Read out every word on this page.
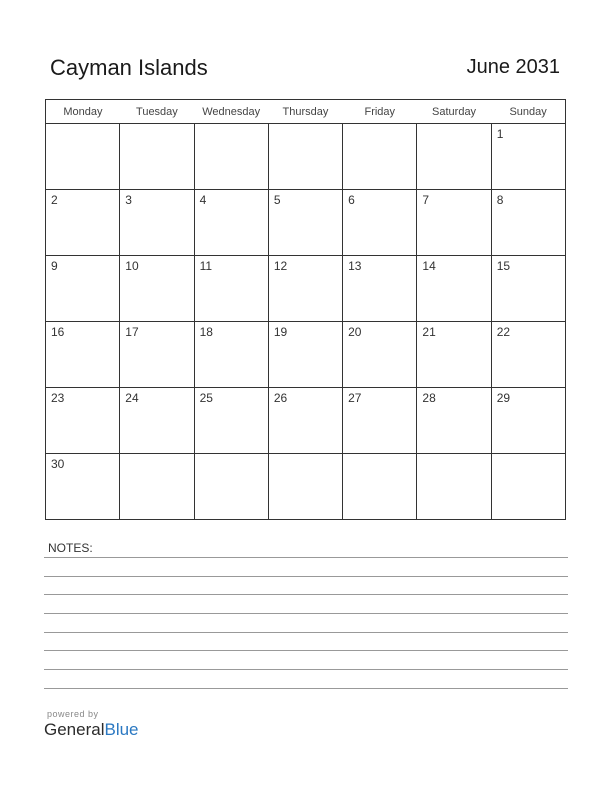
Cayman Islands	June 2031
Monday	Tuesday	Wednesday	Thursday	Friday	Saturday	Sunday

						1

2	3	4	5	6	7	8

9	10	11	12	13	14	15

16	17	18	19	20	21	22

23	24	25	26	27	28	29

30						

NOTES:
powered by
GeneralBlue
